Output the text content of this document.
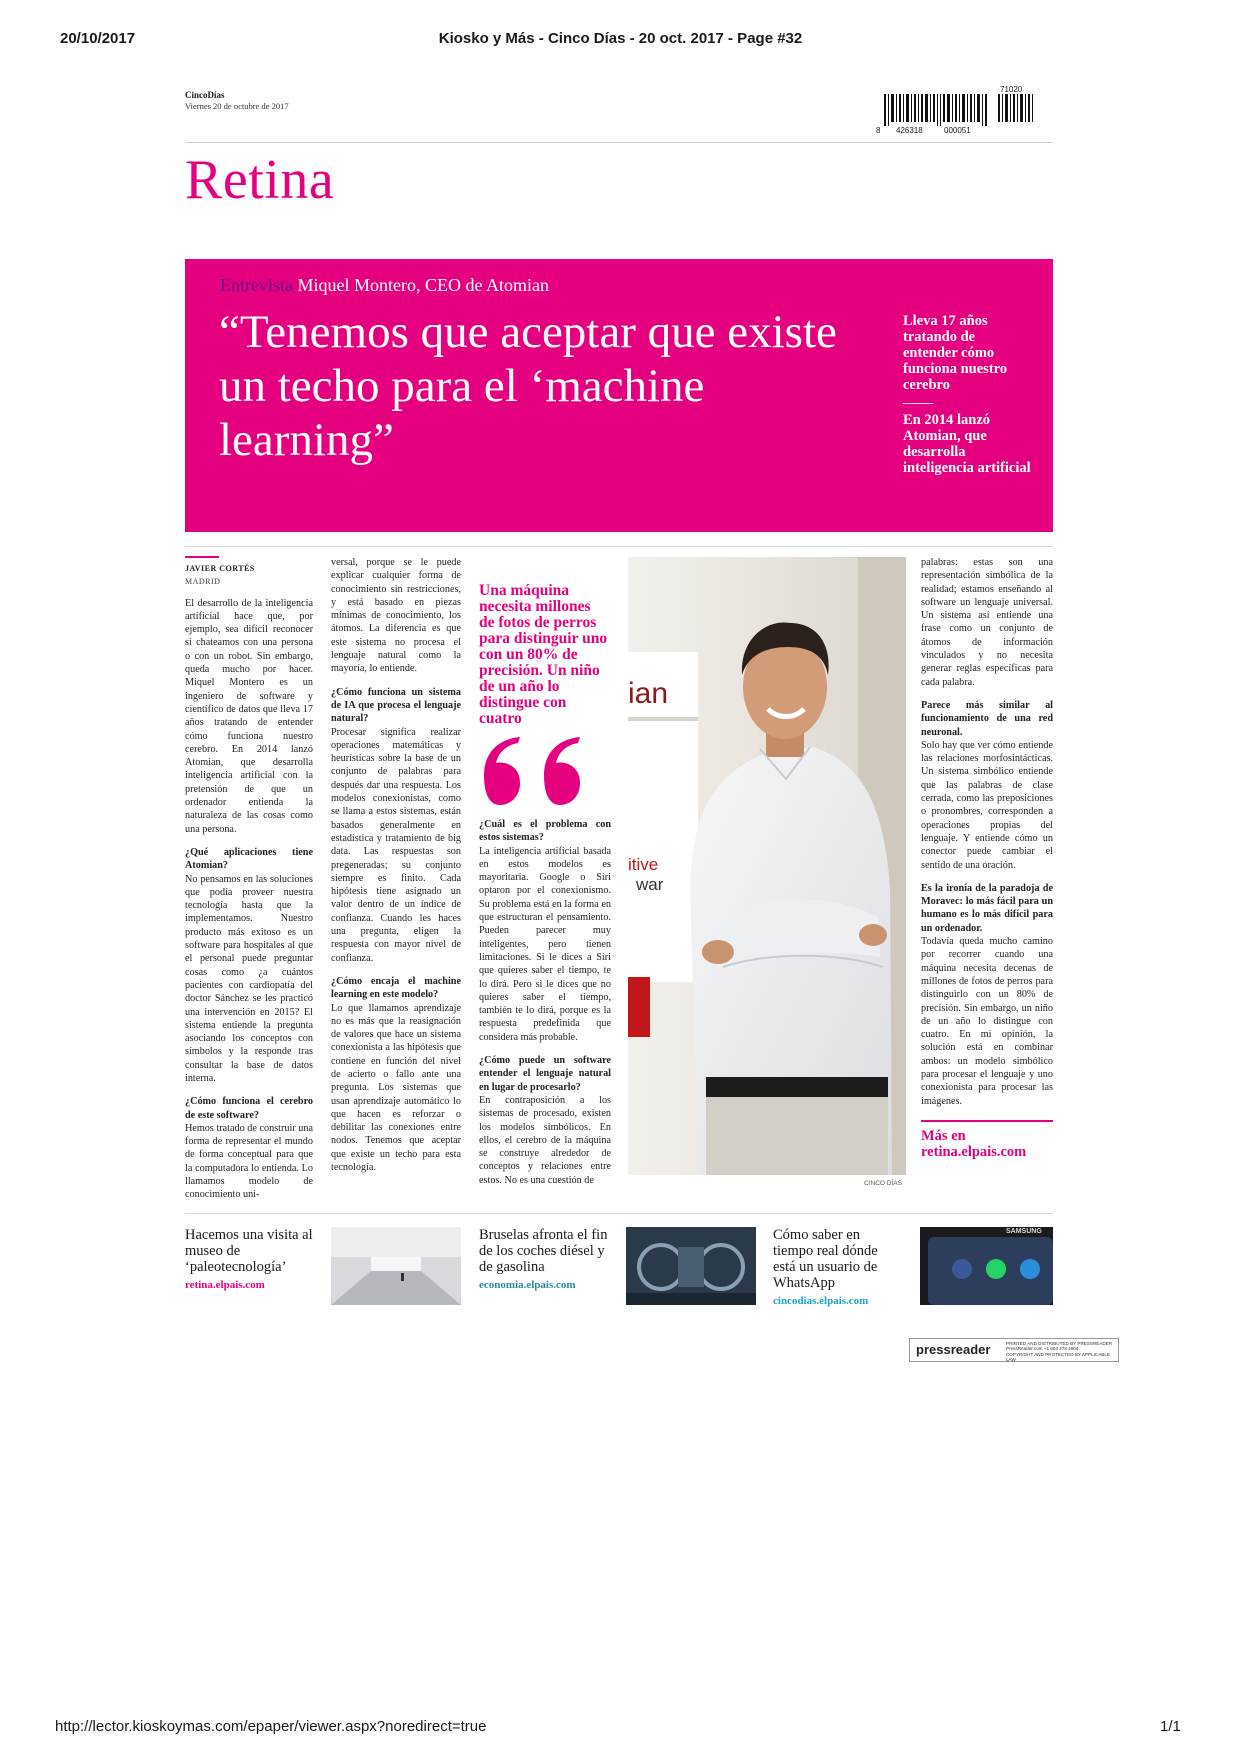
20/10/2017	Kiosko y Más - Cinco Días - 20 oct. 2017 - Page #32
CincoDías
Viernes 20 de octubre de 2017
71020
8 426318	000051
Retina
Entrevista Miquel Montero, CEO de Atomian
“Tenemos que aceptar que existe un techo para el ‘machine learning”
Lleva 17 años tratando de entender cómo funciona nuestro cerebro
En 2014 lanzó Atomian, que desarrolla inteligencia artificial
JAVIER CORTÉS
MADRID

El desarrollo de la inteligencia artificial hace que, por ejemplo, sea difícil reconocer si chateamos con una persona o con un robot. Sin embargo, queda mucho por hacer. Miquel Montero es un ingeniero de software y científico de datos que lleva 17 años tratando de entender cómo funciona nuestro cerebro. En 2014 lanzó Atomian, que desarrolla inteligencia artificial con la pretensión de que un ordenador entienda la naturaleza de las cosas como una persona.

¿Qué aplicaciones tiene Atomian?

No pensamos en las soluciones que podía proveer nuestra tecnología hasta que la implementamos. Nuestro producto más exitoso es un software para hospitales al que el personal puede preguntar cosas como ¿a cuántos pacientes con cardiopatía del doctor Sánchez se les practicó una intervención en 2015? El sistema entiende la pregunta asociando los conceptos con símbolos y la responde tras consultar la base de datos interna.

¿Cómo funciona el cerebro de este software?

Hemos tratado de construir una forma de representar el mundo de forma conceptual para que la computadora lo entienda. Lo llamamos modelo de conocimiento uni-

versal, porque se le puede explicar cualquier forma de conocimiento sin restricciones, y está basado en piezas mínimas de conocimiento, los átomos. La diferencia es que este sistema no procesa el lenguaje natural como la mayoría, lo entiende.

¿Cómo funciona un sistema de IA que procesa el lenguaje natural?

Procesar significa realizar operaciones matemáticas y heurísticas sobre la base de un conjunto de palabras para después dar una respuesta. Los modelos conexionistas, como se llama a estos sistemas, están basados generalmente en estadística y tratamiento de big data. Las respuestas son pregeneradas; su conjunto siempre es finito. Cada hipótesis tiene asignado un valor dentro de un índice de confianza. Cuando les haces una pregunta, eligen la respuesta con mayor nivel de confianza.

¿Cómo encaja el machine learning en este modelo?

Lo que llamamos aprendizaje no es más que la reasignación de valores que hace un sistema conexionista a las hipótesis que contiene en función del nivel de acierto o fallo ante una pregunta. Los sistemas que usan aprendizaje automático lo que hacen es reforzar o debilitar las conexiones entre nodos. Tenemos que aceptar que existe un techo para esta tecnología.

Una máquina necesita millones de fotos de perros para distinguir uno con un 80% de precisión. Un niño de un año lo distingue con cuatro

¿Cuál es el problema con estos sistemas?

La inteligencia artificial basada en estos modelos es mayoritaria. Google o Siri optaron por el conexionismo. Su problema está en la forma en que estructuran el pensamiento. Pueden parecer muy inteligentes, pero tienen limitaciones. Si le dices a Siri que quieres saber el tiempo, te lo dirá. Pero si le dices que no quieres saber el tiempo, también te lo dirá, porque es la respuesta predefinida que considera más probable.

¿Cómo puede un software entender el lenguaje natural en lugar de procesarlo?

En contraposición a los sistemas de procesado, existen los modelos simbólicos. En ellos, el cerebro de la máquina se construye alrededor de conceptos y relaciones entre estos. No es una cuestión de

ian
itive
war
CINCO DÍAS

palabras: estas son una representación simbólica de la realidad; estamos enseñando al software un lenguaje universal. Un sistema así entiende una frase como un conjunto de átomos de información vinculados y no necesita generar reglas específicas para cada palabra.

Parece más similar al funcionamiento de una red neuronal.

Solo hay que ver cómo entiende las relaciones morfosintácticas. Un sistema simbólico entiende que las palabras de clase cerrada, como las preposiciones o pronombres, corresponden a operaciones propias del lenguaje. Y entiende cómo un conector puede cambiar el sentido de una oración.

Es la ironía de la paradoja de Moravec: lo más fácil para un humano es lo más difícil para un ordenador.

Todavía queda mucho camino por recorrer cuando una máquina necesita decenas de millones de fotos de perros para distinguirlo con un 80% de precisión. Sin embargo, un niño de un año lo distingue con cuatro. En mi opinión, la solución está en combinar ambos: un modelo simbólico para procesar el lenguaje y uno conexionista para procesar las imágenes.

Más en
retina.elpais.com
Hacemos una visita al museo de ‘paleotecnología’
retina.elpais.com
Bruselas afronta el fin de los coches diésel y de gasolina
economia.elpais.com
Cómo saber en tiempo real dónde está un usuario de WhatsApp
cincodias.elpais.com
SAMSUNG
pressreader	PRINTED AND DISTRIBUTED BY PRESSREADER
PressReader.com +1 604 278 4604
COPYRIGHT AND PROTECTED BY APPLICABLE LAW
http://lector.kioskoymas.com/epaper/viewer.aspx?noredirect=true	1/1
